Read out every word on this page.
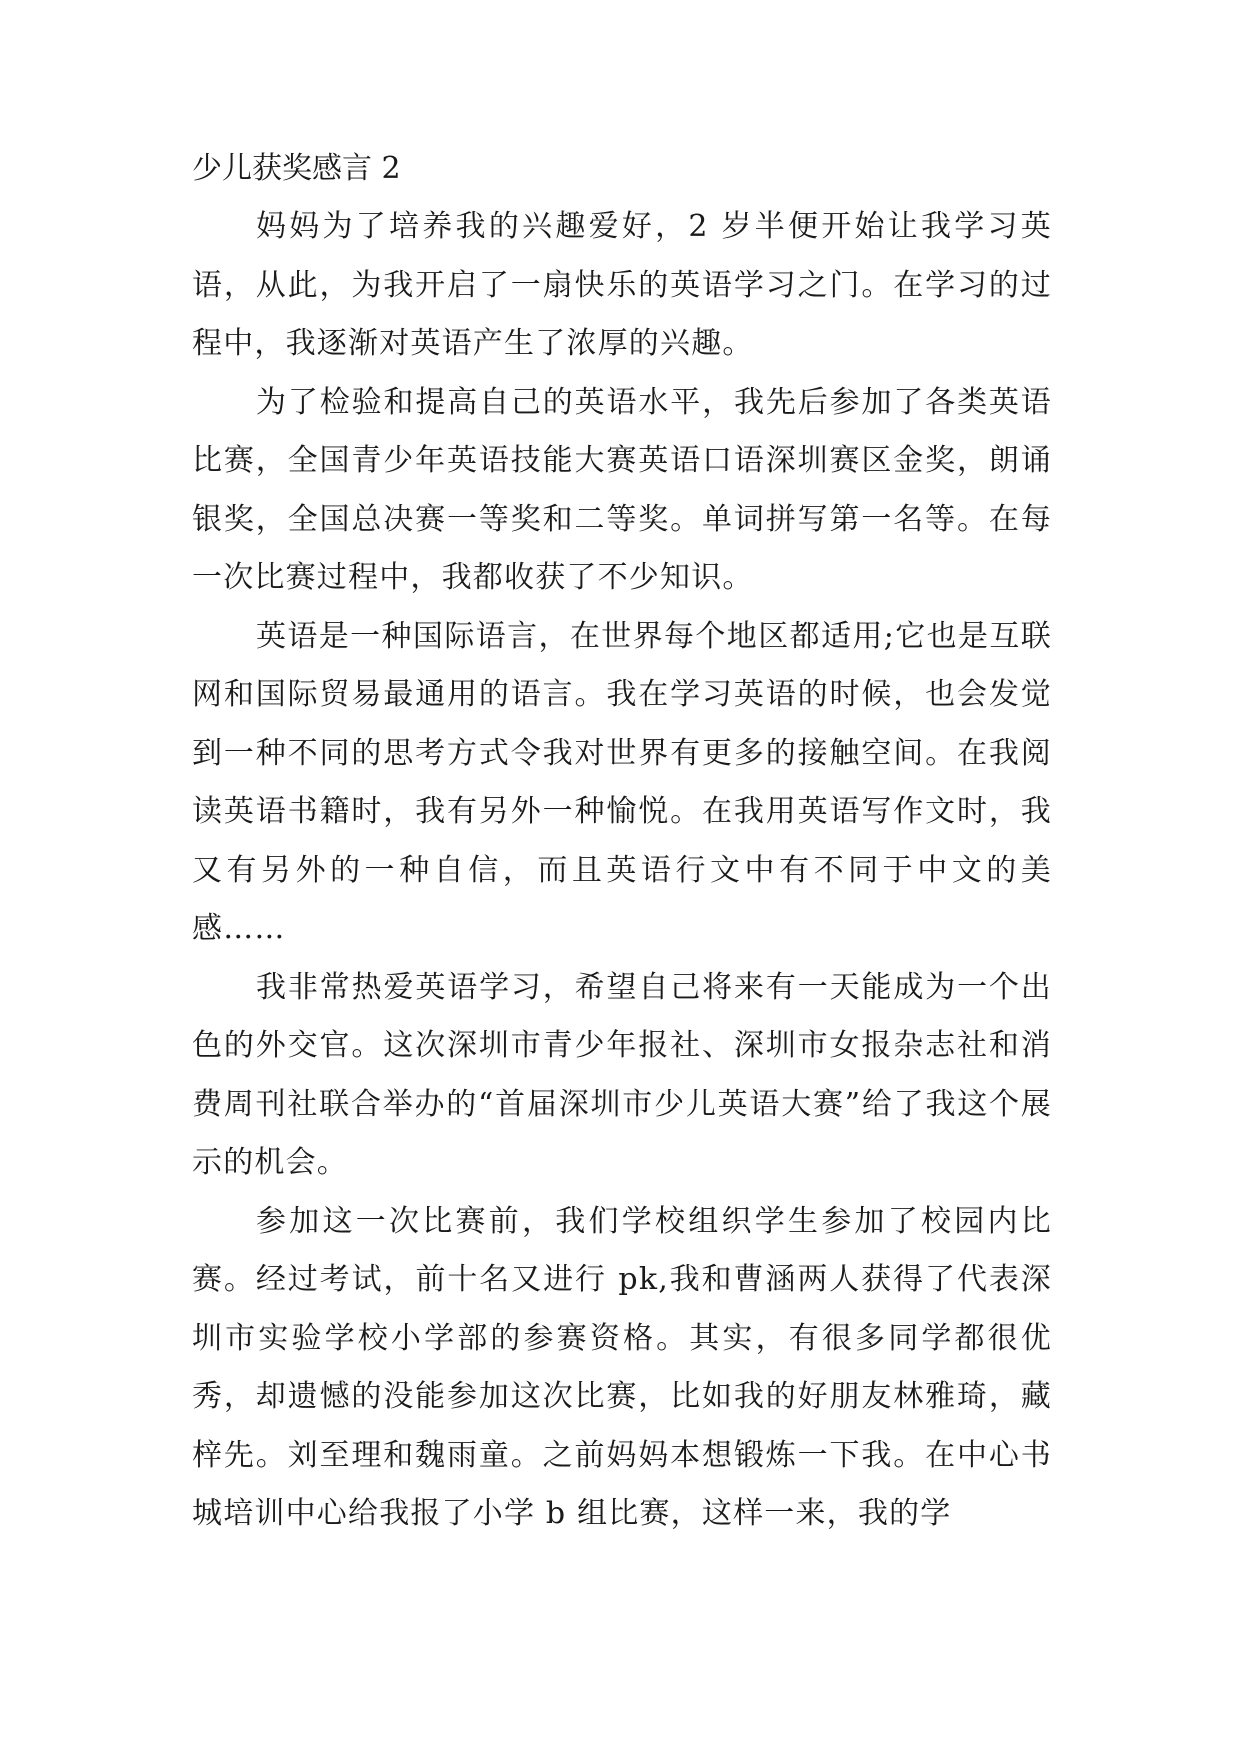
少儿获奖感言 2

妈妈为了培养我的兴趣爱好，2 岁半便开始让我学习英语，从此，为我开启了一扇快乐的英语学习之门。在学习的过程中，我逐渐对英语产生了浓厚的兴趣。

为了检验和提高自己的英语水平，我先后参加了各类英语比赛，全国青少年英语技能大赛英语口语深圳赛区金奖，朗诵银奖，全国总决赛一等奖和二等奖。单词拼写第一名等。在每一次比赛过程中，我都收获了不少知识。

英语是一种国际语言，在世界每个地区都适用;它也是互联网和国际贸易最通用的语言。我在学习英语的时候，也会发觉到一种不同的思考方式令我对世界有更多的接触空间。在我阅读英语书籍时，我有另外一种愉悦。在我用英语写作文时，我又有另外的一种自信，而且英语行文中有不同于中文的美感……

我非常热爱英语学习，希望自己将来有一天能成为一个出色的外交官。这次深圳市青少年报社、深圳市女报杂志社和消费周刊社联合举办的“首届深圳市少儿英语大赛”给了我这个展示的机会。

参加这一次比赛前，我们学校组织学生参加了校园内比赛。经过考试，前十名又进行 pk,我和曹涵两人获得了代表深圳市实验学校小学部的参赛资格。其实，有很多同学都很优秀，却遗憾的没能参加这次比赛，比如我的好朋友林雅琦，藏梓先。刘至理和魏雨童。之前妈妈本想锻炼一下我。在中心书城培训中心给我报了小学 b 组比赛，这样一来，我的学
